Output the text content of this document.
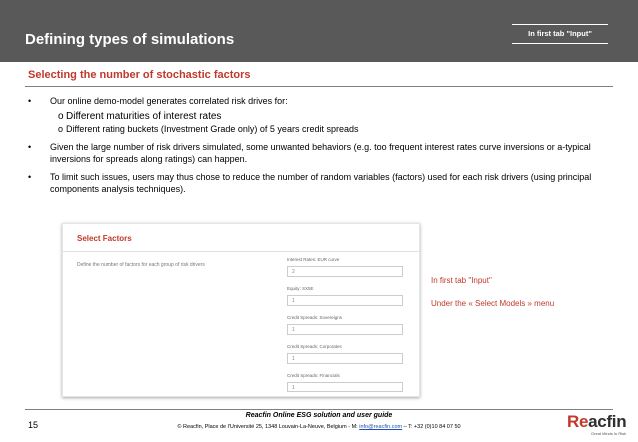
Defining types of simulations	In first tab "Input"
Selecting the number of stochastic factors
• Our online demo-model generates correlated risk drives for:
o Different maturities of interest rates
o Different rating buckets (Investment Grade only) of 5 years credit spreads
• Given the large number of risk drivers simulated, some unwanted behaviors (e.g. too frequent interest rates curve inversions or a-typical inversions for spreads along ratings) can happen.
• To limit such issues, users may thus chose to reduce the number of random variables (factors) used for each risk drivers (using principal components analysis techniques).
Select Factors
Define the number of factors for each group of risk drivers
Interest Rates: EUR curve
2
Equity: SX5E
1
Credit Spreads: Sovereigns
1
Credit Spreads: Corporates
1
Credit Spreads: Financials
1
In first tab "Input"
Under the « Select Models » menu
15
Reacfin Online ESG solution and user guide
© Reacfin, Place de l'Université 25, 1348 Louvain-La-Neuve, Belgium - M: info@reacfin.com – T: +32 (0)10 84 07 50	Reacfin
Great Minds In Risk
